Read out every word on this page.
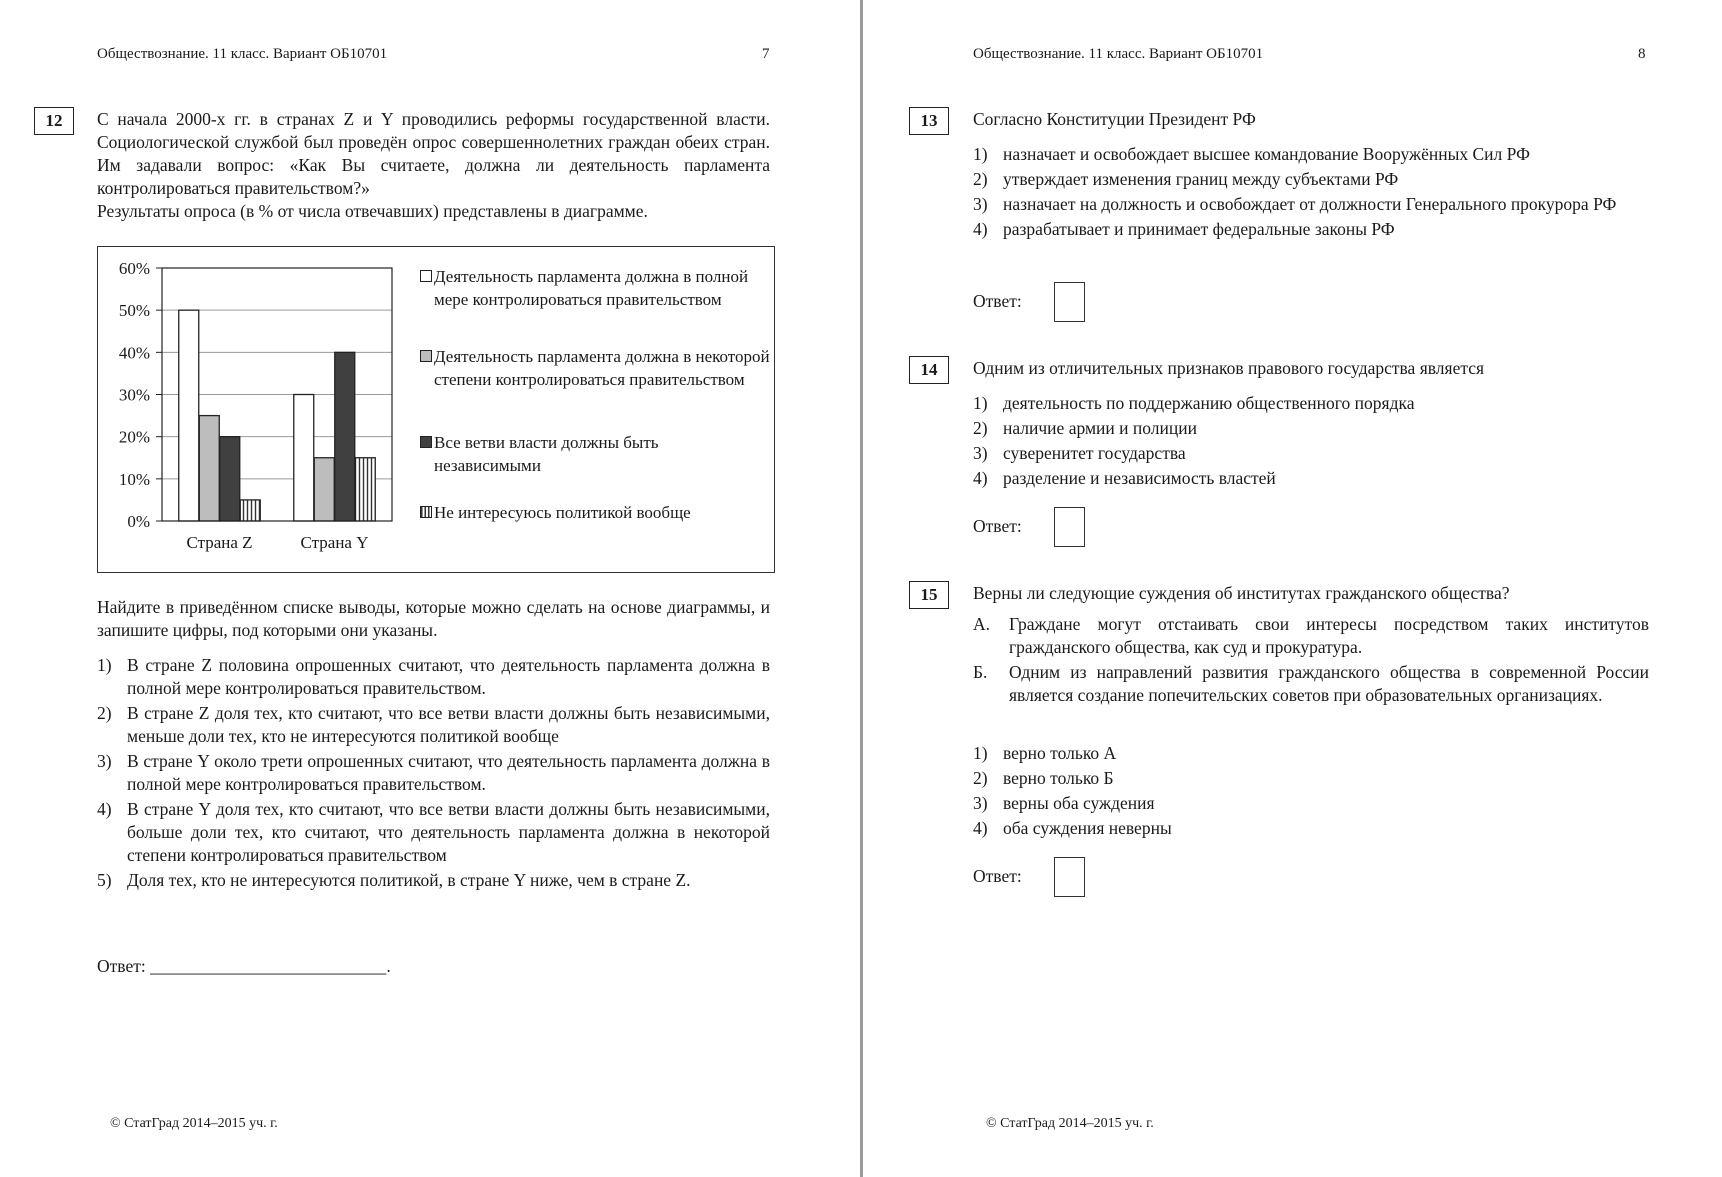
Обществознание. 11 класс. Вариант ОБ10701	7
12	С начала 2000-х гг. в странах Z и Y проводились реформы государственной власти. Социологической службой был проведён опрос совершеннолетних граждан обеих стран. Им задавали вопрос: «Как Вы считаете, должна ли деятельность парламента контролироваться правительством?»

Результаты опроса (в % от числа отвечавших) представлены в диаграмме.

0%
10%
20%
30%
40%
50%
60%
Страна Z	Страна Y
Деятельность парламента должна в полной мере контролироваться правительством
Деятельность парламента должна в некоторой степени контролироваться правительством
Все ветви власти должны быть независимыми
Не интересуюсь политикой вообще
Найдите в приведённом списке выводы, которые можно сделать на основе диаграммы, и запишите цифры, под которыми они указаны.
1) В стране Z половина опрошенных считают, что деятельность парламента должна в полной мере контролироваться правительством.
2) В стране Z доля тех, кто считают, что все ветви власти должны быть независимыми, меньше доли тех, кто не интересуются политикой вообще
3) В стране Y около трети опрошенных считают, что деятельность парламента должна в полной мере контролироваться правительством.
4) В стране Y доля тех, кто считают, что все ветви власти должны быть независимыми, больше доли тех, кто считают, что деятельность парламента должна в некоторой степени контролироваться правительством
5) Доля тех, кто не интересуются политикой, в стране Y ниже, чем в стране Z.
Ответ: ___________________________.
© СтатГрад 2014–2015 уч. г.
Обществознание. 11 класс. Вариант ОБ10701	8
13	Согласно Конституции Президент РФ
1) назначает и освобождает высшее командование Вооружённых Сил РФ
2) утверждает изменения границ между субъектами РФ
3) назначает на должность и освобождает от должности Генерального прокурора РФ
4) разрабатывает и принимает федеральные законы РФ
Ответ:
14	Одним из отличительных признаков правового государства является
1) деятельность по поддержанию общественного порядка
2) наличие армии и полиции
3) суверенитет государства
4) разделение и независимость властей
Ответ:
15	Верны ли следующие суждения об институтах гражданского общества?
А. Граждане могут отстаивать свои интересы посредством таких институтов гражданского общества, как суд и прокуратура.
Б. Одним из направлений развития гражданского общества в современной России является создание попечительских советов при образовательных организациях.
1) верно только А
2) верно только Б
3) верны оба суждения
4) оба суждения неверны
Ответ:
© СтатГрад 2014–2015 уч. г.
